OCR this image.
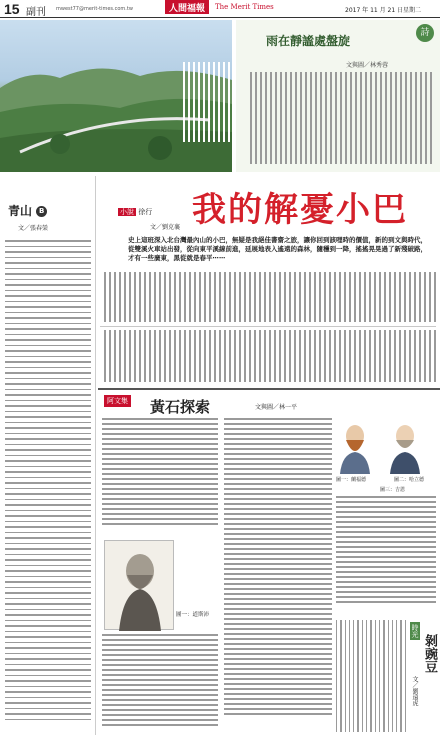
15 副刊 mwest77@merit-times.com.tw	人間福報	The Merit Times	2017 年 11 月 21 日 星期二
雨在靜謐處盤旋
文與圖／林秀蓉
詩
青山 B
文／張春榮
小說 徐行 我的解憂小巴
文／劉克襄
史上這班深入北台灣最內山的小巴，無疑是我絕佳書齋之旅，讓你回到該哩時的價值，新的到文與時代，從雙溪火車站出發，從向東平溪線前進，延展地表入遙遠的森林，隨穩到一降，搖搖晃晃過了新殘破路，才有一些廣東，黑從就是春平⋯⋯
阿文集 黃石探索	文與圖／林一平
圖一：道斯沛
圖一：蘭福德	圖二：哈立德
圖三：吉恩
時光
剝豌豆
文／劉遠虎
